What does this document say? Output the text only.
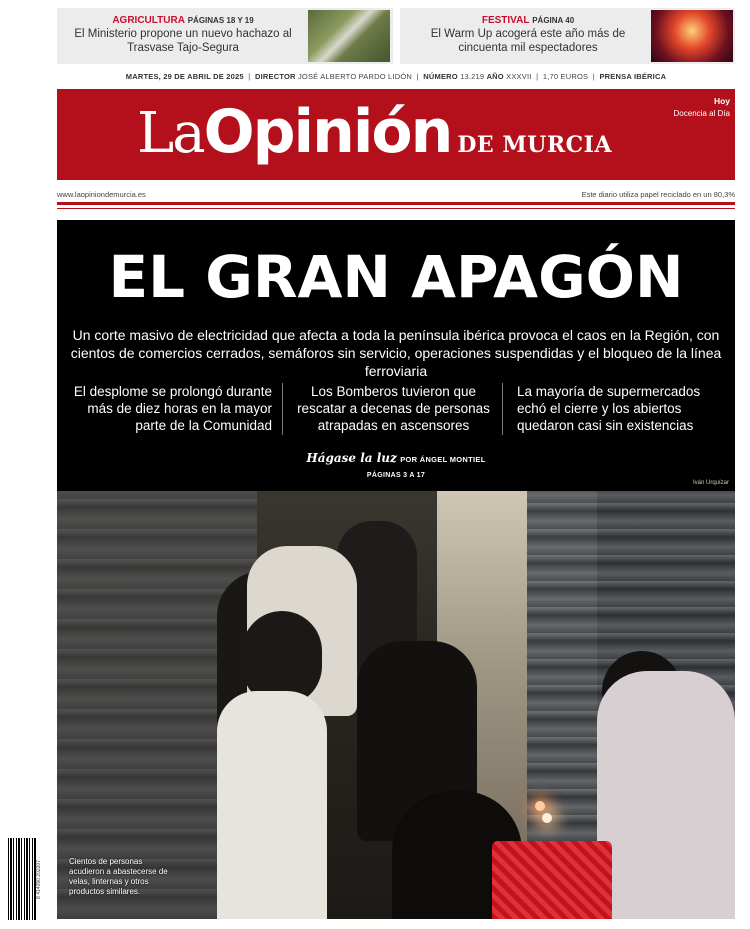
AGRICULTURA PÁGINAS 18 Y 19
El Ministerio propone un nuevo hachazo al Trasvase Tajo-Segura
FESTIVAL PÁGINA 40
El Warm Up acogerá este año más de cincuenta mil espectadores
MARTES, 29 DE ABRIL DE 2025  |  DIRECTOR JOSÉ ALBERTO PARDO LIDÓN  |  NÚMERO 13.219 AÑO XXXVII  |  1,70 EUROS  |  PRENSA IBÉRICA
LaOpinión DE MURCIA
Hoy
Docencia al Día
www.laopiniondemurcia.es	Este diario utiliza papel reciclado en un 80,3%
EL GRAN APAGÓN
Un corte masivo de electricidad que afecta a toda la península ibérica provoca el caos en la Región, con cientos de comercios cerrados, semáforos sin servicio, operaciones suspendidas y el bloqueo de la línea ferroviaria
El desplome se prolongó durante más de diez horas en la mayor parte de la Comunidad
Los Bomberos tuvieron que rescatar a decenas de personas atrapadas en ascensores
La mayoría de supermercados echó el cierre y los abiertos quedaron casi sin existencias
Hágase la luz POR ÁNGEL MONTIEL
PÁGINAS 3 A 17
Iván Urquízar
Cientos de personas acudieron a abastecerse de velas, linternas y otros productos similares.
8 414090 202207
